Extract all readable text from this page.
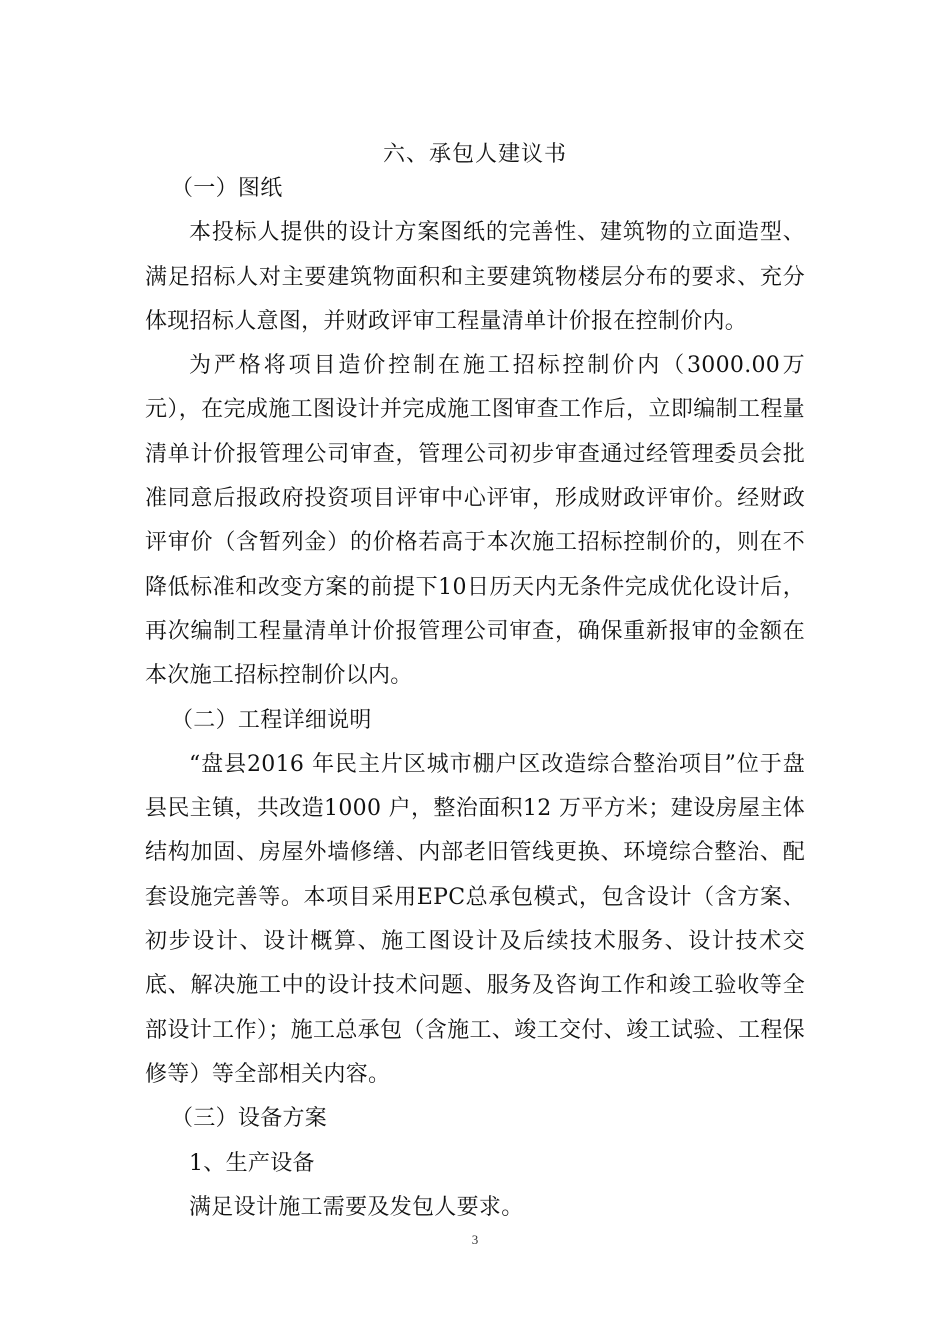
六、承包人建议书

（一）图纸

本投标人提供的设计方案图纸的完善性、建筑物的立面造型、满足招标人对主要建筑物面积和主要建筑物楼层分布的要求、充分体现招标人意图，并财政评审工程量清单计价报在控制价内。

为严格将项目造价控制在施工招标控制价内（3000.00万元），在完成施工图设计并完成施工图审查工作后，立即编制工程量清单计价报管理公司审查，管理公司初步审查通过经管理委员会批准同意后报政府投资项目评审中心评审，形成财政评审价。经财政评审价（含暂列金）的价格若高于本次施工招标控制价的，则在不降低标准和改变方案的前提下10日历天内无条件完成优化设计后，再次编制工程量清单计价报管理公司审查，确保重新报审的金额在本次施工招标控制价以内。

（二）工程详细说明

“盘县2016 年民主片区城市棚户区改造综合整治项目”位于盘县民主镇，共改造1000 户，整治面积12 万平方米；建设房屋主体结构加固、房屋外墙修缮、内部老旧管线更换、环境综合整治、配套设施完善等。本项目采用EPC总承包模式，包含设计（含方案、初步设计、设计概算、施工图设计及后续技术服务、设计技术交底、解决施工中的设计技术问题、服务及咨询工作和竣工验收等全部设计工作）；施工总承包（含施工、竣工交付、竣工试验、工程保修等）等全部相关内容。

（三）设备方案

1、生产设备

满足设计施工需要及发包人要求。

3
